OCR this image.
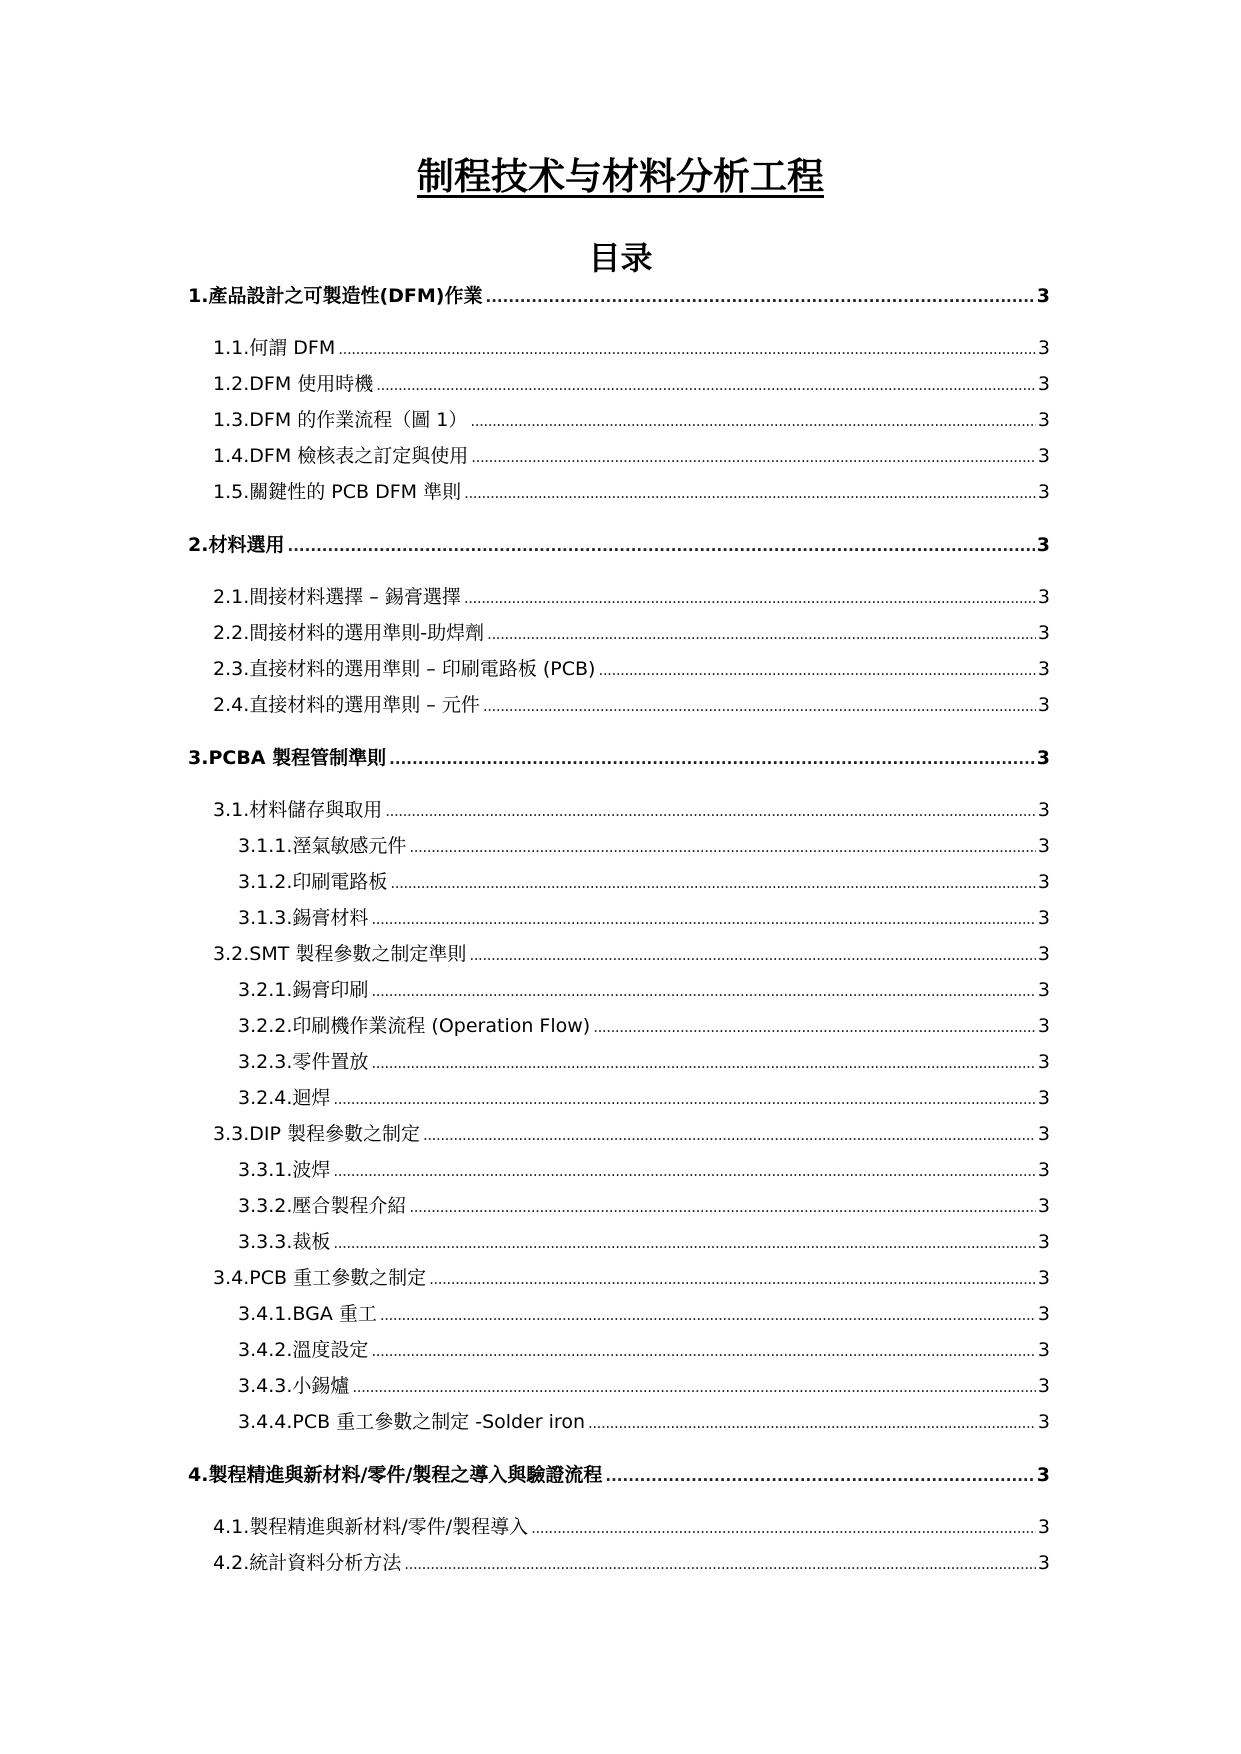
制程技术与材料分析工程
目录
1. 產品設計之可製造性(DFM)作業 . . .	3
1.1. 何謂 DFM . . .	3
1.2. DFM 使用時機 . . .	3
1.3. DFM 的作業流程（圖 1） . . .	3
1.4. DFM 檢核表之訂定與使用 . . .	3
1.5. 關鍵性的 PCB DFM 準則 . . .	3
2. 材料選用 . . .	3
2.1. 間接材料選擇 – 錫膏選擇 . . .	3
2.2. 間接材料的選用準則-助焊劑 . . .	3
2.3. 直接材料的選用準則 – 印刷電路板 (PCB) . . .	3
2.4. 直接材料的選用準則 – 元件 . . .	3
3. PCBA 製程管制準則 . . .	3
3.1. 材料儲存與取用 . . .	3
3.1.1. 溼氣敏感元件 . . .	3
3.1.2. 印刷電路板 . . .	3
3.1.3. 錫膏材料 . . .	3
3.2. SMT 製程參數之制定準則 . . .	3
3.2.1. 錫膏印刷 . . .	3
3.2.2. 印刷機作業流程 (Operation Flow) . . .	3
3.2.3. 零件置放 . . .	3
3.2.4. 迴焊 . . .	3
3.3. DIP 製程參數之制定 . . .	3
3.3.1. 波焊 . . .	3
3.3.2. 壓合製程介紹 . . .	3
3.3.3. 裁板 . . .	3
3.4. PCB 重工參數之制定 . . .	3
3.4.1. BGA 重工 . . .	3
3.4.2. 溫度設定 . . .	3
3.4.3. 小錫爐 . . .	3
3.4.4. PCB 重工參數之制定 -Solder iron . . .	3
4. 製程精進與新材料/零件/製程之導入與驗證流程 . . .	3
4.1. 製程精進與新材料/零件/製程導入 . . .	3
4.2. 統計資料分析方法 . . .	3
